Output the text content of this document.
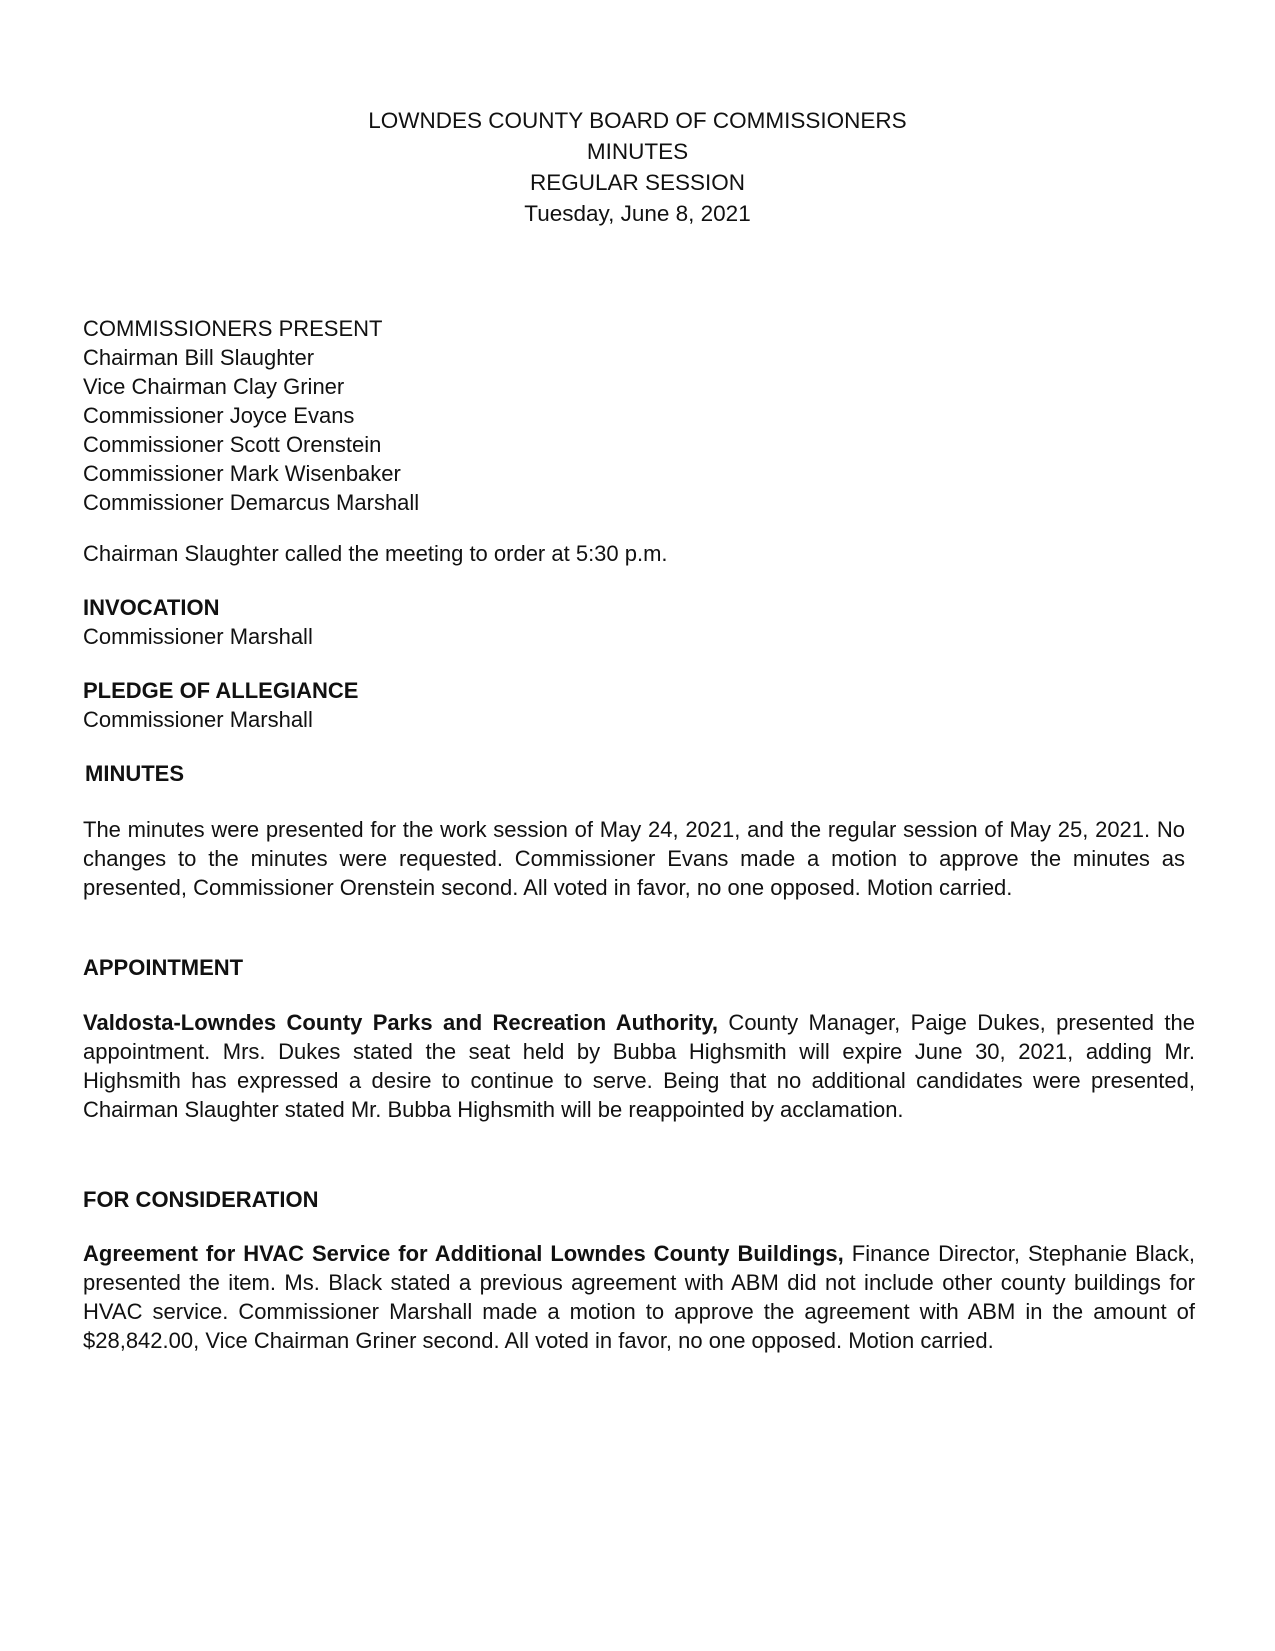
LOWNDES COUNTY BOARD OF COMMISSIONERS
MINUTES
REGULAR SESSION
Tuesday, June 8, 2021
COMMISSIONERS PRESENT
Chairman Bill Slaughter
Vice Chairman Clay Griner
Commissioner Joyce Evans
Commissioner Scott Orenstein
Commissioner Mark Wisenbaker
Commissioner Demarcus Marshall
Chairman Slaughter called the meeting to order at 5:30 p.m.
INVOCATION
Commissioner Marshall
PLEDGE OF ALLEGIANCE
Commissioner Marshall
MINUTES
The minutes were presented for the work session of May 24, 2021, and the regular session of May 25, 2021. No changes to the minutes were requested. Commissioner Evans made a motion to approve the minutes as presented, Commissioner Orenstein second. All voted in favor, no one opposed. Motion carried.
APPOINTMENT
Valdosta-Lowndes County Parks and Recreation Authority, County Manager, Paige Dukes, presented the appointment. Mrs. Dukes stated the seat held by Bubba Highsmith will expire June 30, 2021, adding Mr. Highsmith has expressed a desire to continue to serve. Being that no additional candidates were presented, Chairman Slaughter stated Mr. Bubba Highsmith will be reappointed by acclamation.
FOR CONSIDERATION
Agreement for HVAC Service for Additional Lowndes County Buildings, Finance Director, Stephanie Black, presented the item. Ms. Black stated a previous agreement with ABM did not include other county buildings for HVAC service. Commissioner Marshall made a motion to approve the agreement with ABM in the amount of $28,842.00, Vice Chairman Griner second. All voted in favor, no one opposed. Motion carried.
